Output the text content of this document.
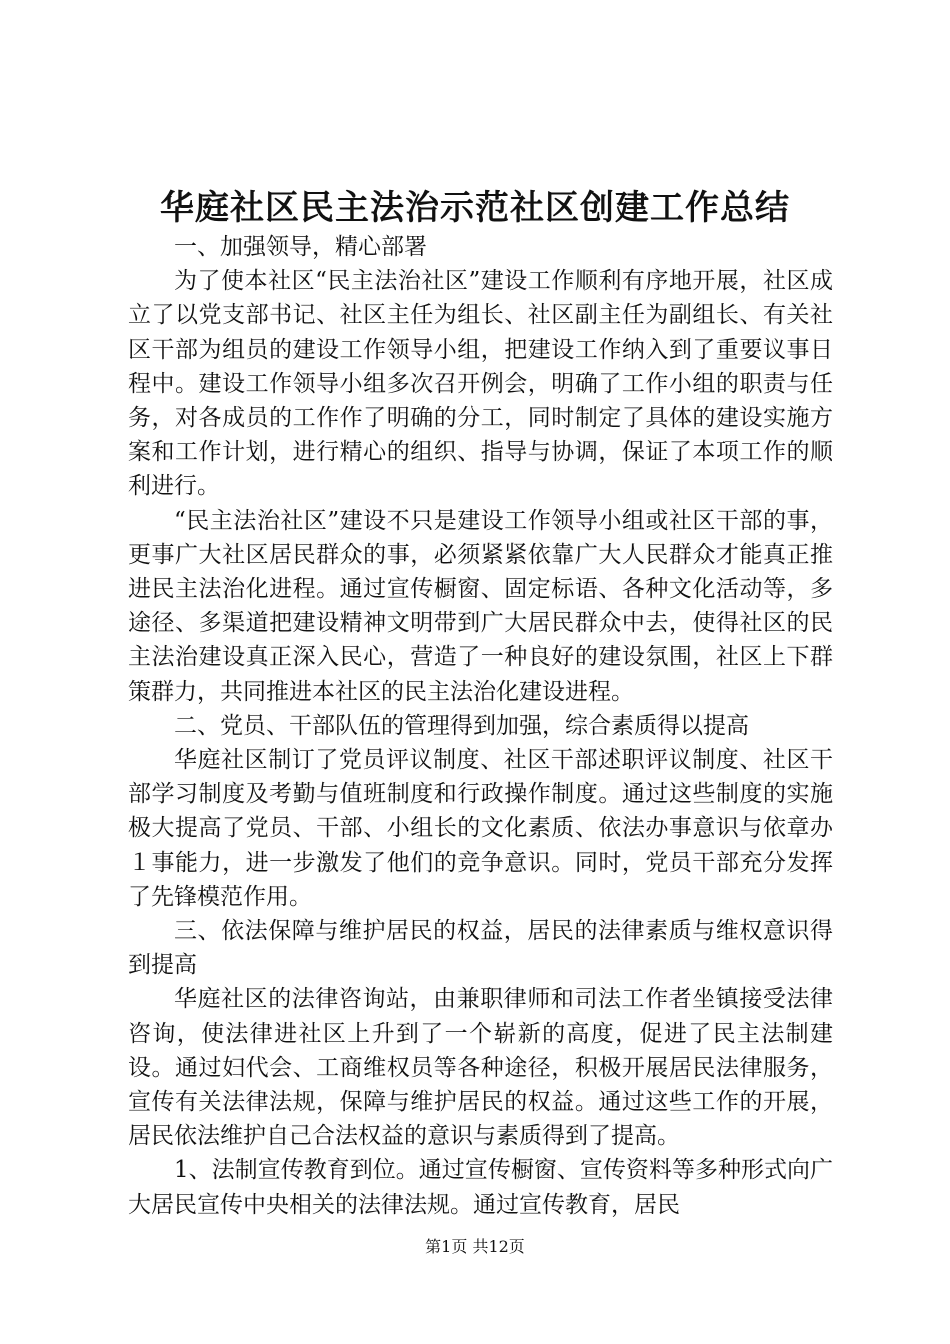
华庭社区民主法治示范社区创建工作总结

一、加强领导，精心部署

为了使本社区“民主法治社区”建设工作顺利有序地开展，社区成立了以党支部书记、社区主任为组长、社区副主任为副组长、有关社区干部为组员的建设工作领导小组，把建设工作纳入到了重要议事日程中。建设工作领导小组多次召开例会，明确了工作小组的职责与任务，对各成员的工作作了明确的分工，同时制定了具体的建设实施方案和工作计划，进行精心的组织、指导与协调，保证了本项工作的顺利进行。

“民主法治社区”建设不只是建设工作领导小组或社区干部的事，更事广大社区居民群众的事，必须紧紧依靠广大人民群众才能真正推进民主法治化进程。通过宣传橱窗、固定标语、各种文化活动等，多途径、多渠道把建设精神文明带到广大居民群众中去，使得社区的民主法治建设真正深入民心，营造了一种良好的建设氛围，社区上下群策群力，共同推进本社区的民主法治化建设进程。

二、党员、干部队伍的管理得到加强，综合素质得以提高

华庭社区制订了党员评议制度、社区干部述职评议制度、社区干部学习制度及考勤与值班制度和行政操作制度。通过这些制度的实施极大提高了党员、干部、小组长的文化素质、依法办事意识与依章办１事能力，进一步激发了他们的竞争意识。同时，党员干部充分发挥了先锋模范作用。

三、依法保障与维护居民的权益，居民的法律素质与维权意识得到提高

华庭社区的法律咨询站，由兼职律师和司法工作者坐镇接受法律咨询，使法律进社区上升到了一个崭新的高度，促进了民主法制建设。通过妇代会、工商维权员等各种途径，积极开展居民法律服务，宣传有关法律法规，保障与维护居民的权益。通过这些工作的开展，居民依法维护自己合法权益的意识与素质得到了提高。

1、法制宣传教育到位。通过宣传橱窗、宣传资料等多种形式向广大居民宣传中央相关的法律法规。通过宣传教育，居民

第1页 共12页
